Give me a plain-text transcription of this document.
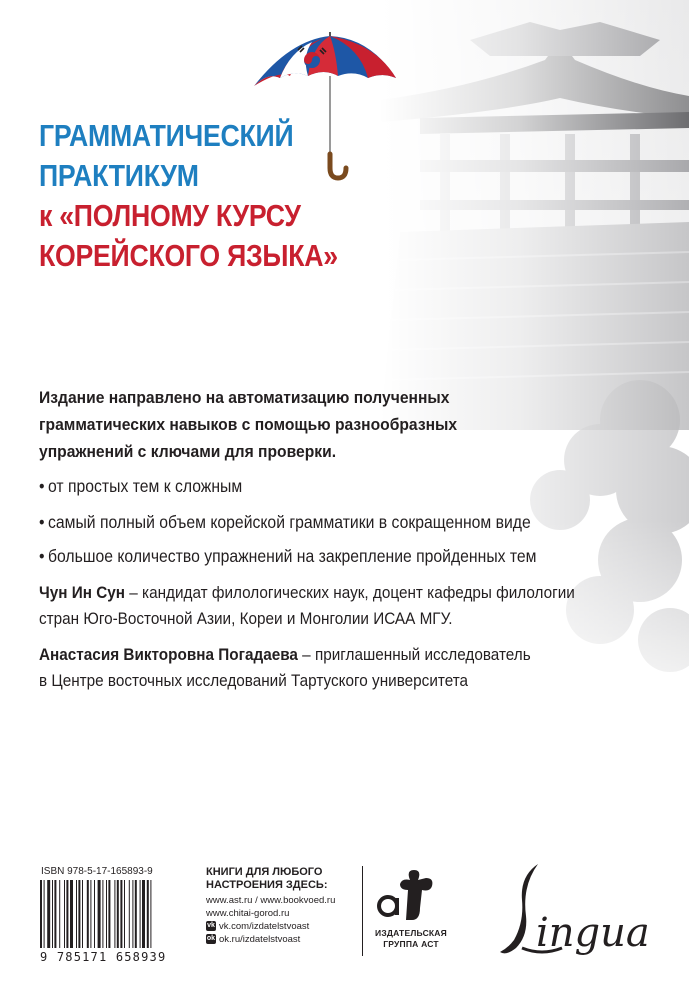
ГРАММАТИЧЕСКИЙ
ПРАКТИКУМ
к «ПОЛНОМУ КУРСУ
КОРЕЙСКОГО ЯЗЫКА»

Издание направлено на автоматизацию полученных грамматических навыков с помощью разнообразных упражнений с ключами для проверки.

• от простых тем к сложным
• самый полный объем корейской грамматики в сокращенном виде
• большое количество упражнений на закрепление пройденных тем
Чун Ин Сун – кандидат филологических наук, доцент кафедры филологии
стран Юго-Восточной Азии, Кореи и Монголии ИСАА МГУ.
Анастасия Викторовна Погадаева – приглашенный исследователь
в Центре восточных исследований Тартуского университета
ISBN 978-5-17-165893-9
9 785171 658939
КНИГИ ДЛЯ ЛЮБОГО
НАСТРОЕНИЯ ЗДЕСЬ:
www.ast.ru / www.bookvoed.ru
www.chitai-gorod.ru
vk vk.com/izdatelstvoast
ok ok.ru/izdatelstvoast
ИЗДАТЕЛЬСКАЯ
ГРУППА АСТ	ingua
